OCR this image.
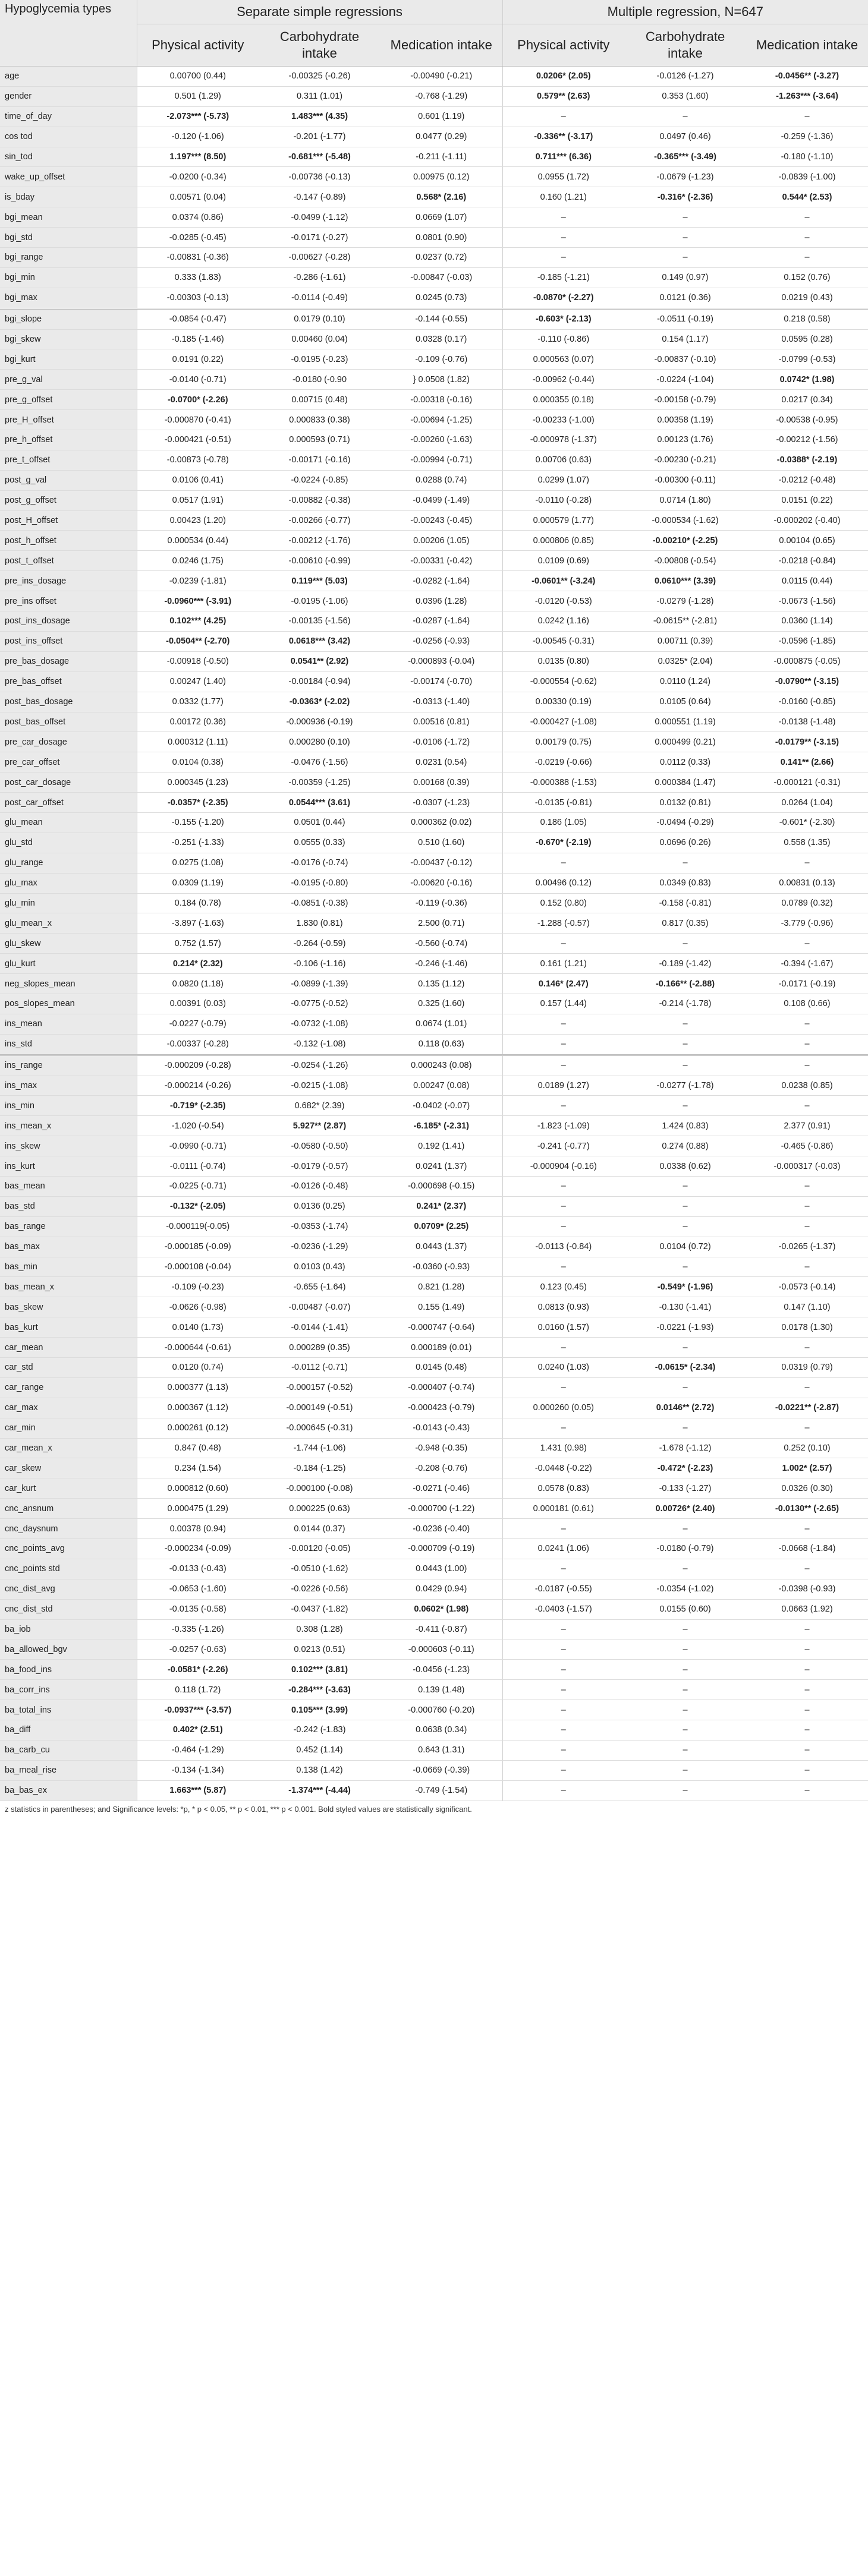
Hypoglycemia types	Separate simple regressions			Multiple regression, N=647		
	Physical activity	Carbohydrate intake	Medication intake	Physical activity	Carbohydrate intake	Medication intake
age	0.00700 (0.44)	-0.00325 (-0.26)	-0.00490 (-0.21)	0.0206* (2.05)	-0.0126 (-1.27)	-0.0456** (-3.27)
gender	0.501 (1.29)	0.311 (1.01)	-0.768 (-1.29)	0.579** (2.63)	0.353 (1.60)	-1.263*** (-3.64)
time_of_day	-2.073*** (-5.73)	1.483*** (4.35)	0.601 (1.19)	–	–	–
cos tod	-0.120 (-1.06)	-0.201 (-1.77)	0.0477 (0.29)	-0.336** (-3.17)	0.0497 (0.46)	-0.259 (-1.36)
sin_tod	1.197*** (8.50)	-0.681*** (-5.48)	-0.211 (-1.11)	0.711*** (6.36)	-0.365*** (-3.49)	-0.180 (-1.10)
wake_up_offset	-0.0200 (-0.34)	-0.00736 (-0.13)	0.00975 (0.12)	0.0955 (1.72)	-0.0679 (-1.23)	-0.0839 (-1.00)
is_bday	0.00571 (0.04)	-0.147 (-0.89)	0.568* (2.16)	0.160 (1.21)	-0.316* (-2.36)	0.544* (2.53)
bgi_mean	0.0374 (0.86)	-0.0499 (-1.12)	0.0669 (1.07)	–	–	–
bgi_std	-0.0285 (-0.45)	-0.0171 (-0.27)	0.0801 (0.90)	–	–	–
bgi_range	-0.00831 (-0.36)	-0.00627 (-0.28)	0.0237 (0.72)	–	–	–
bgi_min	0.333 (1.83)	-0.286 (-1.61)	-0.00847 (-0.03)	-0.185 (-1.21)	0.149 (0.97)	0.152 (0.76)
bgi_max	-0.00303 (-0.13)	-0.0114 (-0.49)	0.0245 (0.73)	-0.0870* (-2.27)	0.0121 (0.36)	0.0219 (0.43)
bgi_slope	-0.0854 (-0.47)	0.0179 (0.10)	-0.144 (-0.55)	-0.603* (-2.13)	-0.0511 (-0.19)	0.218 (0.58)
bgi_skew	-0.185 (-1.46)	0.00460 (0.04)	0.0328 (0.17)	-0.110 (-0.86)	0.154 (1.17)	0.0595 (0.28)
bgi_kurt	0.0191 (0.22)	-0.0195 (-0.23)	-0.109 (-0.76)	0.000563 (0.07)	-0.00837 (-0.10)	-0.0799 (-0.53)
pre_g_val	-0.0140 (-0.71)	-0.0180 (-0.90	} 0.0508 (1.82)	-0.00962 (-0.44)	-0.0224 (-1.04)	0.0742* (1.98)
pre_g_offset	-0.0700* (-2.26)	0.00715 (0.48)	-0.00318 (-0.16)	0.000355 (0.18)	-0.00158 (-0.79)	0.0217 (0.34)
pre_H_offset	-0.000870 (-0.41)	0.000833 (0.38)	-0.00694 (-1.25)	-0.00233 (-1.00)	0.00358 (1.19)	-0.00538 (-0.95)
pre_h_offset	-0.000421 (-0.51)	0.000593 (0.71)	-0.00260 (-1.63)	-0.000978 (-1.37)	0.00123 (1.76)	-0.00212 (-1.56)
pre_t_offset	-0.00873 (-0.78)	-0.00171 (-0.16)	-0.00994 (-0.71)	0.00706 (0.63)	-0.00230 (-0.21)	-0.0388* (-2.19)
post_g_val	0.0106 (0.41)	-0.0224 (-0.85)	0.0288 (0.74)	0.0299 (1.07)	-0.00300 (-0.11)	-0.0212 (-0.48)
post_g_offset	0.0517 (1.91)	-0.00882 (-0.38)	-0.0499 (-1.49)	-0.0110 (-0.28)	0.0714 (1.80)	0.0151 (0.22)
post_H_offset	0.00423 (1.20)	-0.00266 (-0.77)	-0.00243 (-0.45)	0.000579 (1.77)	-0.000534 (-1.62)	-0.000202 (-0.40)
post_h_offset	0.000534 (0.44)	-0.00212 (-1.76)	0.00206 (1.05)	0.000806 (0.85)	-0.00210* (-2.25)	0.00104 (0.65)
post_t_offset	0.0246 (1.75)	-0.00610 (-0.99)	-0.00331 (-0.42)	0.0109 (0.69)	-0.00808 (-0.54)	-0.0218 (-0.84)
pre_ins_dosage	-0.0239 (-1.81)	0.119*** (5.03)	-0.0282 (-1.64)	-0.0601** (-3.24)	0.0610*** (3.39)	0.0115 (0.44)
pre_ins offset	-0.0960*** (-3.91)	-0.0195 (-1.06)	0.0396 (1.28)	-0.0120 (-0.53)	-0.0279 (-1.28)	-0.0673 (-1.56)
post_ins_dosage	0.102*** (4.25)	-0.00135 (-1.56)	-0.0287 (-1.64)	0.0242 (1.16)	-0.0615** (-2.81)	0.0360 (1.14)
post_ins_offset	-0.0504** (-2.70)	0.0618*** (3.42)	-0.0256 (-0.93)	-0.00545 (-0.31)	0.00711 (0.39)	-0.0596 (-1.85)
pre_bas_dosage	-0.00918 (-0.50)	0.0541** (2.92)	-0.000893 (-0.04)	0.0135 (0.80)	0.0325* (2.04)	-0.000875 (-0.05)
pre_bas_offset	0.00247 (1.40)	-0.00184 (-0.94)	-0.00174 (-0.70)	-0.000554 (-0.62)	0.0110 (1.24)	-0.0790** (-3.15)
post_bas_dosage	0.0332 (1.77)	-0.0363* (-2.02)	-0.0313 (-1.40)	0.00330 (0.19)	0.0105 (0.64)	-0.0160 (-0.85)
post_bas_offset	0.00172 (0.36)	-0.000936 (-0.19)	0.00516 (0.81)	-0.000427 (-1.08)	0.000551 (1.19)	-0.0138 (-1.48)
pre_car_dosage	0.000312 (1.11)	0.000280 (0.10)	-0.0106 (-1.72)	0.00179 (0.75)	0.000499 (0.21)	-0.0179** (-3.15)
pre_car_offset	0.0104 (0.38)	-0.0476 (-1.56)	0.0231 (0.54)	-0.0219 (-0.66)	0.0112 (0.33)	0.141** (2.66)
post_car_dosage	0.000345 (1.23)	-0.00359 (-1.25)	0.00168 (0.39)	-0.000388 (-1.53)	0.000384 (1.47)	-0.000121 (-0.31)
post_car_offset	-0.0357* (-2.35)	0.0544*** (3.61)	-0.0307 (-1.23)	-0.0135 (-0.81)	0.0132 (0.81)	0.0264 (1.04)
glu_mean	-0.155 (-1.20)	0.0501 (0.44)	0.000362 (0.02)	0.186 (1.05)	-0.0494 (-0.29)	-0.601* (-2.30)
glu_std	-0.251 (-1.33)	0.0555 (0.33)	0.510 (1.60)	-0.670* (-2.19)	0.0696 (0.26)	0.558 (1.35)
glu_range	0.0275 (1.08)	-0.0176 (-0.74)	-0.00437 (-0.12)	–	–	–
glu_max	0.0309 (1.19)	-0.0195 (-0.80)	-0.00620 (-0.16)	0.00496 (0.12)	0.0349 (0.83)	0.00831 (0.13)
glu_min	0.184 (0.78)	-0.0851 (-0.38)	-0.119 (-0.36)	0.152 (0.80)	-0.158 (-0.81)	0.0789 (0.32)
glu_mean_x	-3.897 (-1.63)	1.830 (0.81)	2.500 (0.71)	-1.288 (-0.57)	0.817 (0.35)	-3.779 (-0.96)
glu_skew	0.752 (1.57)	-0.264 (-0.59)	-0.560 (-0.74)	–	–	–
glu_kurt	0.214* (2.32)	-0.106 (-1.16)	-0.246 (-1.46)	0.161 (1.21)	-0.189 (-1.42)	-0.394 (-1.67)
neg_slopes_mean	0.0820 (1.18)	-0.0899 (-1.39)	0.135 (1.12)	0.146* (2.47)	-0.166** (-2.88)	-0.0171 (-0.19)
pos_slopes_mean	0.00391 (0.03)	-0.0775 (-0.52)	0.325 (1.60)	0.157 (1.44)	-0.214 (-1.78)	0.108 (0.66)
ins_mean	-0.0227 (-0.79)	-0.0732 (-1.08)	0.0674 (1.01)	–	–	–
ins_std	-0.00337 (-0.28)	-0.132 (-1.08)	0.118 (0.63)	–	–	–
ins_range	-0.000209 (-0.28)	-0.0254 (-1.26)	0.000243 (0.08)	–	–	–
ins_max	-0.000214 (-0.26)	-0.0215 (-1.08)	0.00247 (0.08)	0.0189 (1.27)	-0.0277 (-1.78)	0.0238 (0.85)
ins_min	-0.719* (-2.35)	0.682* (2.39)	-0.0402 (-0.07)	–	–	–
ins_mean_x	-1.020 (-0.54)	5.927** (2.87)	-6.185* (-2.31)	-1.823 (-1.09)	1.424 (0.83)	2.377 (0.91)
ins_skew	-0.0990 (-0.71)	-0.0580 (-0.50)	0.192 (1.41)	-0.241 (-0.77)	0.274 (0.88)	-0.465 (-0.86)
ins_kurt	-0.0111 (-0.74)	-0.0179 (-0.57)	0.0241 (1.37)	-0.000904 (-0.16)	0.0338 (0.62)	-0.000317 (-0.03)
bas_mean	-0.0225 (-0.71)	-0.0126 (-0.48)	-0.000698 (-0.15)	–	–	–
bas_std	-0.132* (-2.05)	0.0136 (0.25)	0.241* (2.37)	–	–	–
bas_range	-0.000119(-0.05)	-0.0353 (-1.74)	0.0709* (2.25)	–	–	–
bas_max	-0.000185 (-0.09)	-0.0236 (-1.29)	0.0443 (1.37)	-0.0113 (-0.84)	0.0104 (0.72)	-0.0265 (-1.37)
bas_min	-0.000108 (-0.04)	0.0103 (0.43)	-0.0360 (-0.93)	–	–	–
bas_mean_x	-0.109 (-0.23)	-0.655 (-1.64)	0.821 (1.28)	0.123 (0.45)	-0.549* (-1.96)	-0.0573 (-0.14)
bas_skew	-0.0626 (-0.98)	-0.00487 (-0.07)	0.155 (1.49)	0.0813 (0.93)	-0.130 (-1.41)	0.147 (1.10)
bas_kurt	0.0140 (1.73)	-0.0144 (-1.41)	-0.000747 (-0.64)	0.0160 (1.57)	-0.0221 (-1.93)	0.0178 (1.30)
car_mean	-0.000644 (-0.61)	0.000289 (0.35)	0.000189 (0.01)	–	–	–
car_std	0.0120 (0.74)	-0.0112 (-0.71)	0.0145 (0.48)	0.0240 (1.03)	-0.0615* (-2.34)	0.0319 (0.79)
car_range	0.000377 (1.13)	-0.000157 (-0.52)	-0.000407 (-0.74)	–	–	–
car_max	0.000367 (1.12)	-0.000149 (-0.51)	-0.000423 (-0.79)	0.000260 (0.05)	0.0146** (2.72)	-0.0221** (-2.87)
car_min	0.000261 (0.12)	-0.000645 (-0.31)	-0.0143 (-0.43)	–	–	–
car_mean_x	0.847 (0.48)	-1.744 (-1.06)	-0.948 (-0.35)	1.431 (0.98)	-1.678 (-1.12)	0.252 (0.10)
car_skew	0.234 (1.54)	-0.184 (-1.25)	-0.208 (-0.76)	-0.0448 (-0.22)	-0.472* (-2.23)	1.002* (2.57)
car_kurt	0.000812 (0.60)	-0.000100 (-0.08)	-0.0271 (-0.46)	0.0578 (0.83)	-0.133 (-1.27)	0.0326 (0.30)
cnc_ansnum	0.000475 (1.29)	0.000225 (0.63)	-0.000700 (-1.22)	0.000181 (0.61)	0.00726* (2.40)	-0.0130** (-2.65)
cnc_daysnum	0.00378 (0.94)	0.0144 (0.37)	-0.0236 (-0.40)	–	–	–
cnc_points_avg	-0.000234 (-0.09)	-0.00120 (-0.05)	-0.000709 (-0.19)	0.0241 (1.06)	-0.0180 (-0.79)	-0.0668 (-1.84)
cnc_points std	-0.0133 (-0.43)	-0.0510 (-1.62)	0.0443 (1.00)	–	–	–
cnc_dist_avg	-0.0653 (-1.60)	-0.0226 (-0.56)	0.0429 (0.94)	-0.0187 (-0.55)	-0.0354 (-1.02)	-0.0398 (-0.93)
cnc_dist_std	-0.0135 (-0.58)	-0.0437 (-1.82)	0.0602* (1.98)	-0.0403 (-1.57)	0.0155 (0.60)	0.0663 (1.92)
ba_iob	-0.335 (-1.26)	0.308 (1.28)	-0.411 (-0.87)	–	–	–
ba_allowed_bgv	-0.0257 (-0.63)	0.0213 (0.51)	-0.000603 (-0.11)	–	–	–
ba_food_ins	-0.0581* (-2.26)	0.102*** (3.81)	-0.0456 (-1.23)	–	–	–
ba_corr_ins	0.118 (1.72)	-0.284*** (-3.63)	0.139 (1.48)	–	–	–
ba_total_ins	-0.0937*** (-3.57)	0.105*** (3.99)	-0.000760 (-0.20)	–	–	–
ba_diff	0.402* (2.51)	-0.242 (-1.83)	0.0638 (0.34)	–	–	–
ba_carb_cu	-0.464 (-1.29)	0.452 (1.14)	0.643 (1.31)	–	–	–
ba_meal_rise	-0.134 (-1.34)	0.138 (1.42)	-0.0669 (-0.39)	–	–	–
ba_bas_ex	1.663*** (5.87)	-1.374*** (-4.44)	-0.749 (-1.54)	–	–	–
z statistics in parentheses; and Significance levels: *p, * p < 0.05, ** p < 0.01, *** p < 0.001. Bold styled values are statistically significant.
